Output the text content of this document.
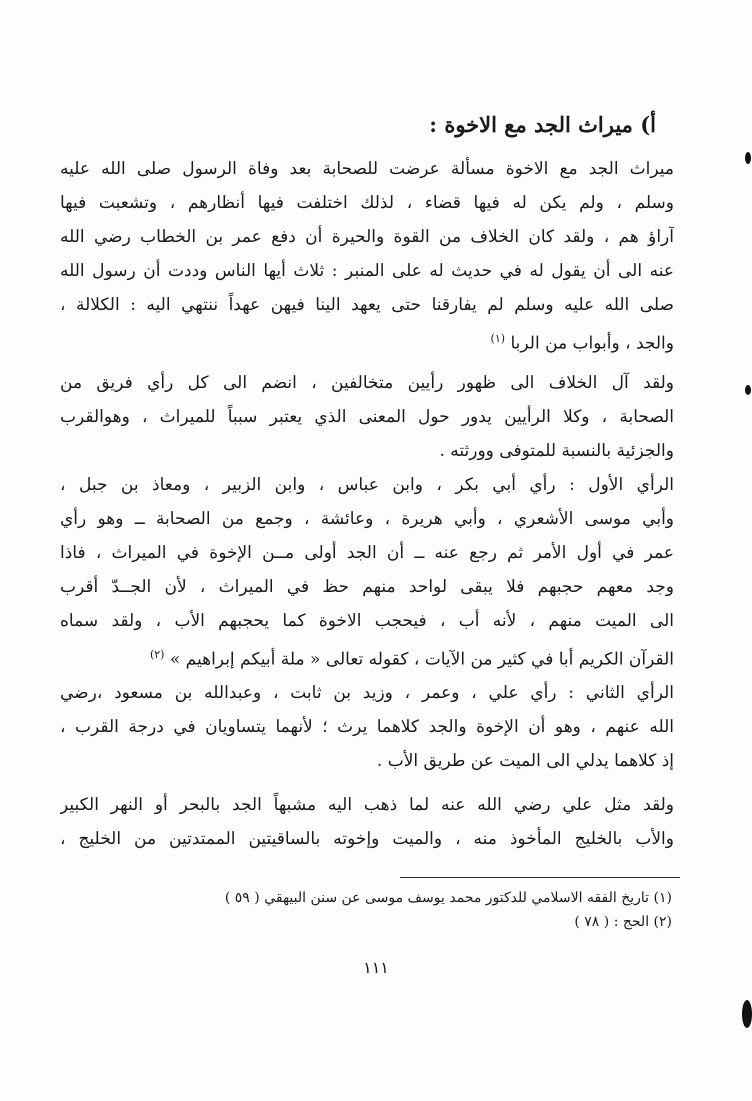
أ) ميراث الجد مع الاخوة :
ميراث الجد مع الاخوة مسألة عرضت للصحابة بعد وفاة الرسول صلى الله عليه
وسلم ، ولم يكن له فيها قضاء ، لذلك اختلفت فيها أنظارهم ، وتشعبت فيها
آراؤ هم ، ولقد كان الخلاف من القوة والحيرة أن دفع عمر بن الخطاب رضي الله
عنه الى أن يقول له في حديث له على المنبر : ثلاث أيها الناس وددت أن رسول الله
صلى الله عليه وسلم لم يفارقنا حتى يعهد الينا فيهن عهداً ننتهي اليه : الكلالة ،
والجد ، وأبواب من الربا $^{(١)}$
ولقد آل الخلاف الى ظهور رأيين متخالفين ، انضم الى كل رأي فريق من
الصحابة ، وكلا الرأيين يدور حول المعنى الذي يعتبر سبباً للميراث ، وهوالقرب
والجزئية بالنسبة للمتوفى وورثته .
الرأي الأول : رأي أبي بكر ، وابن عباس ، وابن الزبير ، ومعاذ بن جبل ،
وأبي موسى الأشعري ، وأبي هريرة ، وعائشة ، وجمع من الصحابة ــ وهو رأي
عمر في أول الأمر ثم رجع عنه ــ أن الجد أولى مــن الإخوة في الميراث ، فاذا
وجد معهم حجبهم فلا يبقى لواحد منهم حظ في الميراث ، لأن الجــدّ أقرب
الى الميت منهم ، لأنه أب ، فيحجب الاخوة كما يحجبهم الأب ، ولقد سماه
القرآن الكريم أبا في كثير من الآيات ، كقوله تعالى « ملة أبيكم إبراهيم » $^{(٢)}$
الرأي الثاني : رأي علي ، وعمر ، وزيد بن ثابت ، وعبدالله بن مسعود ،رضي
الله عنهم ، وهو أن الإخوة والجد كلاهما يرث ؛ لأنهما يتساويان في درجة القرب ،
إذ كلاهما يدلي الى الميت عن طريق الأب .
ولقد مثل علي رضي الله عنه لما ذهب اليه مشبهاً الجد بالبحر أو النهر الكبير
والأب بالخليج المأخوذ منه ، والميت وإخوته بالساقيتين الممتدتين من الخليج ،
(١) تاريخ الفقه الاسلامي للدكتور محمد يوسف موسى عن سنن البيهقي ( ٥٩ )
(٢) الحج : ( ٧٨ )
١١١
